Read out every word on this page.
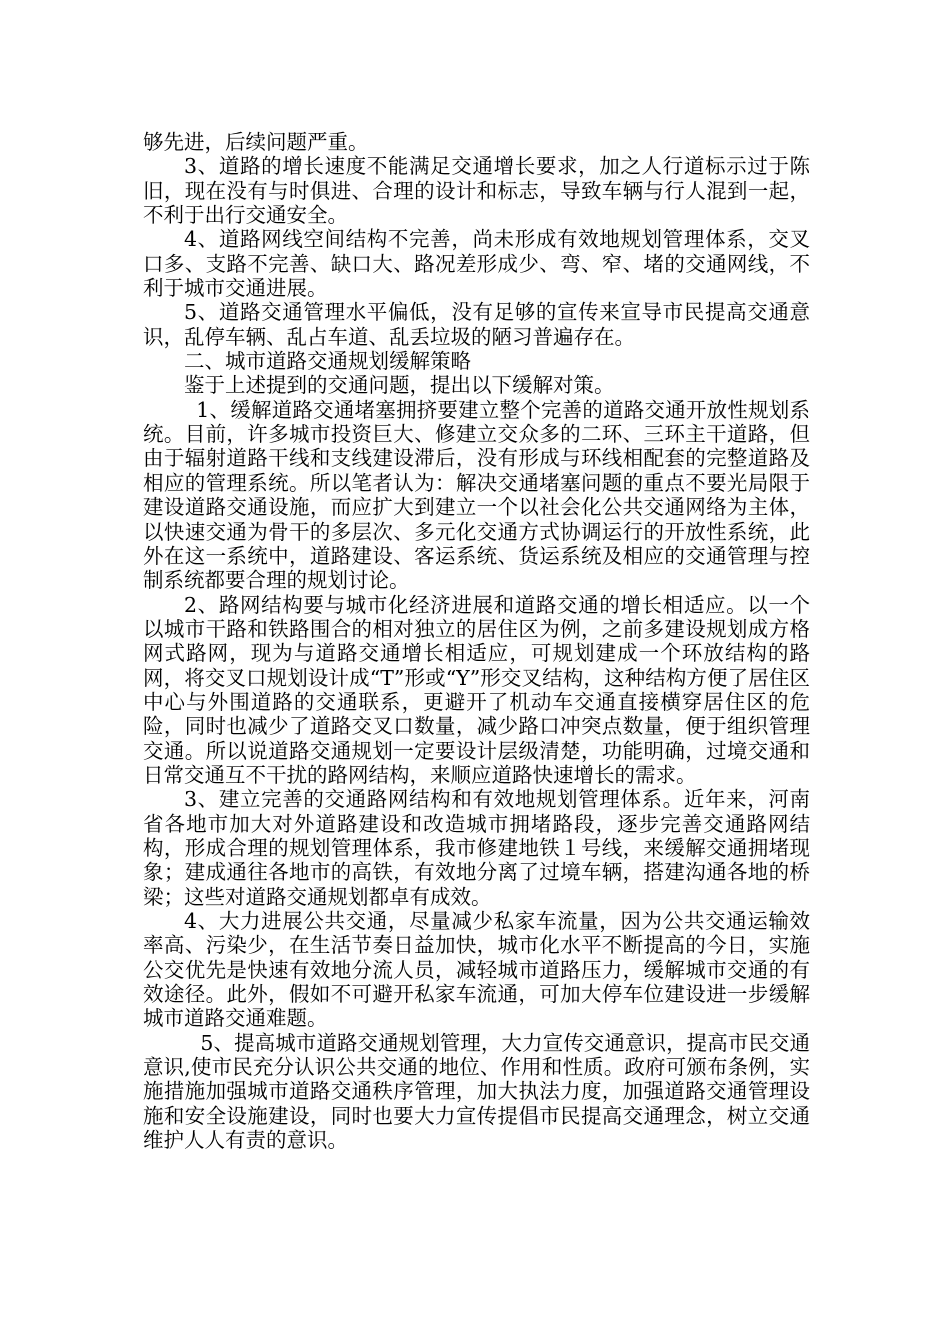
够先进，后续问题严重。

3、道路的增长速度不能满足交通增长要求，加之人行道标示过于陈旧，现在没有与时俱进、合理的设计和标志，导致车辆与行人混到一起，不利于出行交通安全。

4、道路网线空间结构不完善，尚未形成有效地规划管理体系，交叉口多、支路不完善、缺口大、路况差形成少、弯、窄、堵的交通网线，不利于城市交通进展。

5、道路交通管理水平偏低，没有足够的宣传来宣导市民提高交通意识，乱停车辆、乱占车道、乱丢垃圾的陋习普遍存在。

二、城市道路交通规划缓解策略

鉴于上述提到的交通问题，提出以下缓解对策。

1、缓解道路交通堵塞拥挤要建立整个完善的道路交通开放性规划系统。目前，许多城市投资巨大、修建立交众多的二环、三环主干道路，但由于辐射道路干线和支线建设滞后，没有形成与环线相配套的完整道路及相应的管理系统。所以笔者认为：解决交通堵塞问题的重点不要光局限于建设道路交通设施，而应扩大到建立一个以社会化公共交通网络为主体，以快速交通为骨干的多层次、多元化交通方式协调运行的开放性系统，此外在这一系统中，道路建设、客运系统、货运系统及相应的交通管理与控制系统都要合理的规划讨论。

2、路网结构要与城市化经济进展和道路交通的增长相适应。以一个以城市干路和铁路围合的相对独立的居住区为例，之前多建设规划成方格网式路网，现为与道路交通增长相适应，可规划建成一个环放结构的路网，将交叉口规划设计成“T”形或“Y”形交叉结构，这种结构方便了居住区中心与外围道路的交通联系，更避开了机动车交通直接横穿居住区的危险，同时也减少了道路交叉口数量，减少路口冲突点数量，便于组织管理交通。所以说道路交通规划一定要设计层级清楚，功能明确，过境交通和日常交通互不干扰的路网结构，来顺应道路快速增长的需求。

3、建立完善的交通路网结构和有效地规划管理体系。近年来，河南省各地市加大对外道路建设和改造城市拥堵路段，逐步完善交通路网结构，形成合理的规划管理体系，我市修建地铁１号线，来缓解交通拥堵现象；建成通往各地市的高铁，有效地分离了过境车辆，搭建沟通各地的桥梁；这些对道路交通规划都卓有成效。

4、大力进展公共交通，尽量减少私家车流量，因为公共交通运输效率高、污染少，在生活节奏日益加快，城市化水平不断提高的今日，实施公交优先是快速有效地分流人员，减轻城市道路压力，缓解城市交通的有效途径。此外，假如不可避开私家车流通，可加大停车位建设进一步缓解城市道路交通难题。

5、提高城市道路交通规划管理，大力宣传交通意识，提高市民交通意识,使市民充分认识公共交通的地位、作用和性质。政府可颁布条例，实施措施加强城市道路交通秩序管理，加大执法力度，加强道路交通管理设施和安全设施建设，同时也要大力宣传提倡市民提高交通理念，树立交通维护人人有责的意识。
